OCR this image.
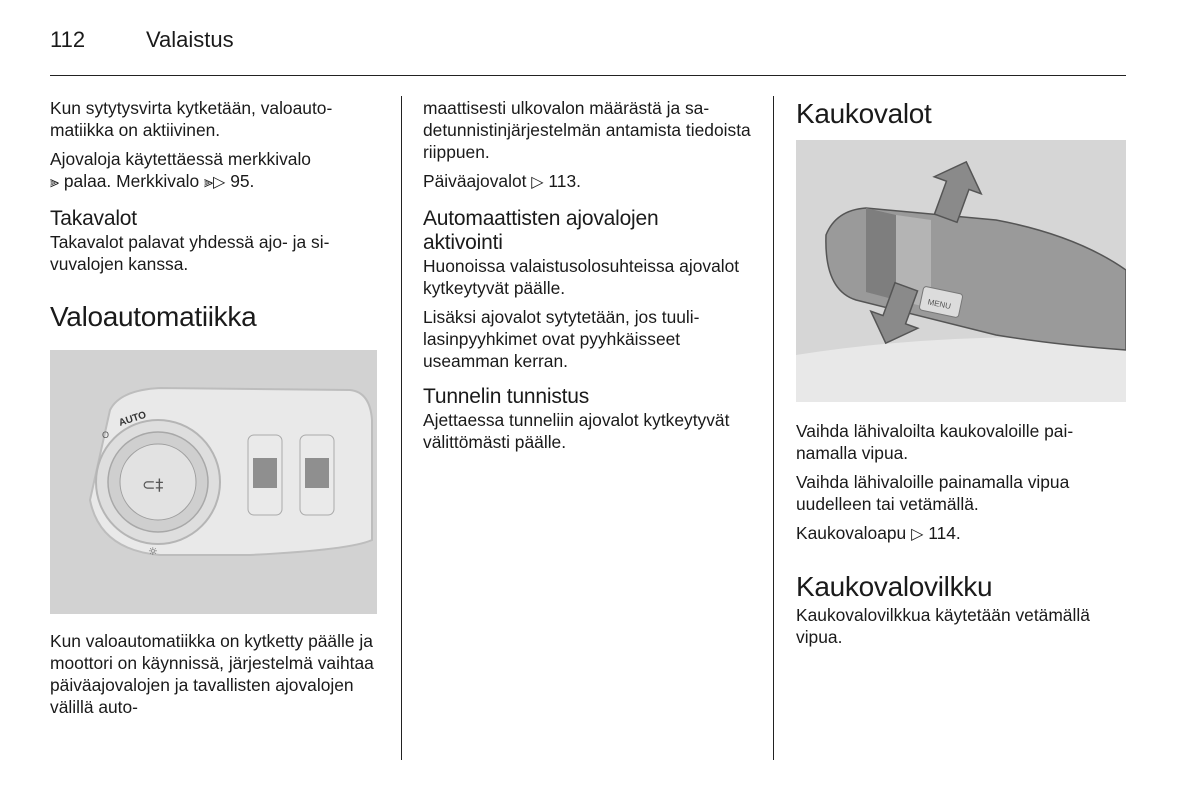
112	Valaistus

Kun sytytysvirta kytketään, valoautomatiikka on aktiivinen.

Ajovaloja käytettäessä merkkivalo
⫸ palaa. Merkkivalo ⫸▷ 95.

Takavalot

Takavalot palavat yhdessä ajo- ja sivuvalojen kanssa.

Valoautomatiikka
AUTO
O
⊂‡
☼

Kun valoautomatiikka on kytketty päälle ja moottori on käynnissä, järjestelmä vaihtaa päiväajovalojen ja tavallisten ajovalojen välillä auto-

maattisesti ulkovalon määrästä ja sadetunnistinjärjestelmän antamista tiedoista riippuen.

Päiväajovalot ▷ 113.

Automaattisten ajovalojen aktivointi

Huonoissa valaistusolosuhteissa ajovalot kytkeytyvät päälle.

Lisäksi ajovalot sytytetään, jos tuulilasinpyyhkimet ovat pyyhkäisseet useamman kerran.

Tunnelin tunnistus

Ajettaessa tunneliin ajovalot kytkeytyvät välittömästi päälle.

Kaukovalot
MENU

Vaihda lähivaloilta kaukovaloille painamalla vipua.

Vaihda lähivaloille painamalla vipua uudelleen tai vetämällä.

Kaukovaloapu ▷ 114.

Kaukovalovilkku

Kaukovalovilkkua käytetään vetämällä vipua.
